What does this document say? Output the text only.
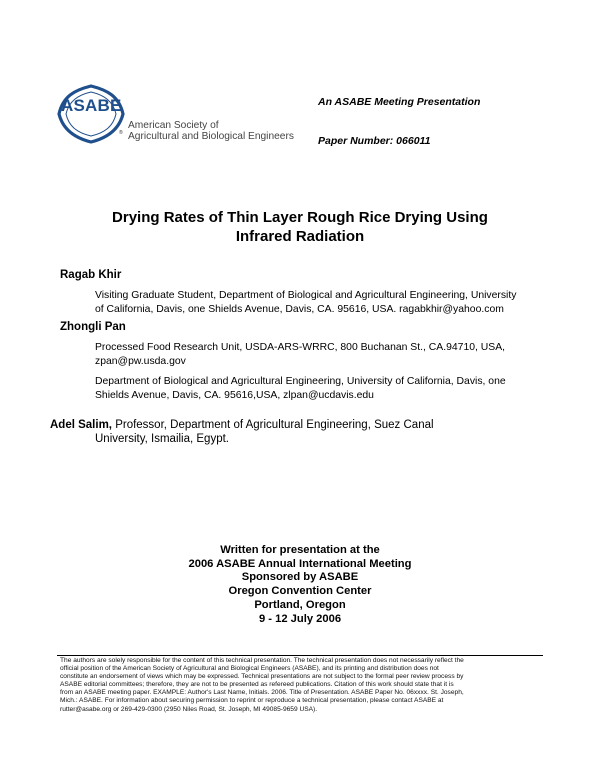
ASABE
®
American Society of
Agricultural and Biological Engineers
An ASABE Meeting Presentation
Paper Number: 066011
Drying Rates of Thin Layer Rough Rice Drying Using
Infrared Radiation
Ragab Khir
Visiting Graduate Student, Department of Biological and Agricultural Engineering, University
of California, Davis, one Shields Avenue, Davis, CA. 95616, USA. ragabkhir@yahoo.com
Zhongli Pan
Processed Food Research Unit, USDA-ARS-WRRC, 800 Buchanan St., CA.94710, USA,
zpan@pw.usda.gov
Department of Biological and Agricultural Engineering, University of California, Davis, one
Shields Avenue, Davis, CA. 95616,USA, zlpan@ucdavis.edu
Adel Salim, Professor, Department of Agricultural Engineering, Suez Canal
University, Ismailia, Egypt.
Written for presentation at the
2006 ASABE Annual International Meeting
Sponsored by ASABE
Oregon Convention Center
Portland, Oregon
9 - 12 July 2006
The authors are solely responsible for the content of this technical presentation. The technical presentation does not necessarily reflect the
official position of the American Society of Agricultural and Biological Engineers (ASABE), and its printing and distribution does not
constitute an endorsement of views which may be expressed. Technical presentations are not subject to the formal peer review process by
ASABE editorial committees; therefore, they are not to be presented as refereed publications. Citation of this work should state that it is
from an ASABE meeting paper. EXAMPLE: Author's Last Name, Initials. 2006. Title of Presentation. ASABE Paper No. 06xxxx. St. Joseph,
Mich.: ASABE. For information about securing permission to reprint or reproduce a technical presentation, please contact ASABE at
rutter@asabe.org or 269-429-0300 (2950 Niles Road, St. Joseph, MI 49085-9659 USA).
